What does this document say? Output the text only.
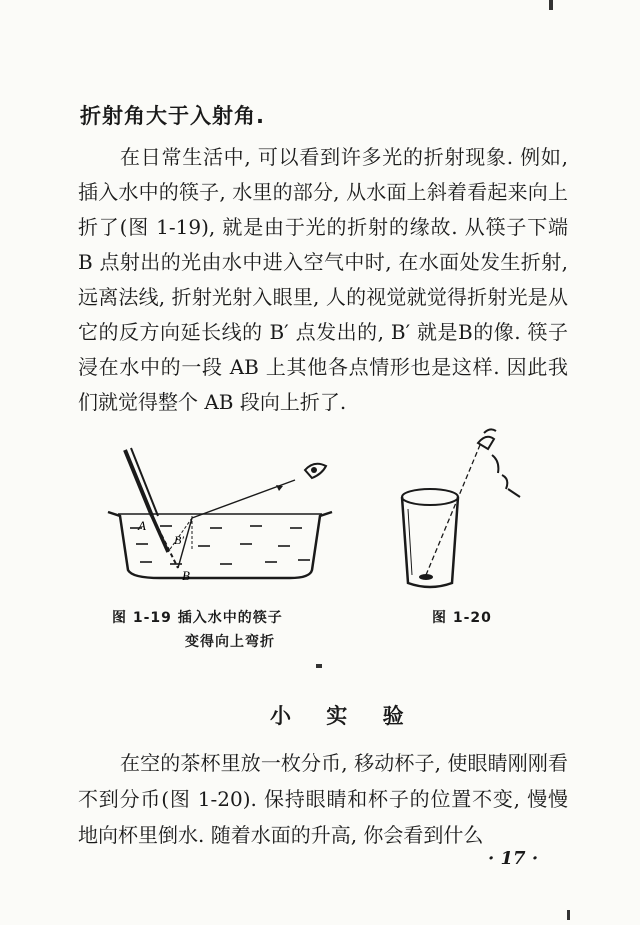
折射角大于入射角.

在日常生活中, 可以看到许多光的折射现象. 例如, 插入水中的筷子, 水里的部分, 从水面上斜着看起来向上折了(图 1-19), 就是由于光的折射的缘故. 从筷子下端 B 点射出的光由水中进入空气中时, 在水面处发生折射, 远离法线, 折射光射入眼里, 人的视觉就觉得折射光是从它的反方向延长线的 B′ 点发出的, B′ 就是B的像. 筷子浸在水中的一段 AB 上其他各点情形也是这样. 因此我们就觉得整个 AB 段向上折了.

A
B′
B
图 1-19 插入水中的筷子
变得向上弯折
图 1-20
小 实 验

在空的茶杯里放一枚分币, 移动杯子, 使眼睛刚刚看不到分币(图 1-20). 保持眼睛和杯子的位置不变, 慢慢地向杯里倒水. 随着水面的升高, 你会看到什么

· 17 ·
